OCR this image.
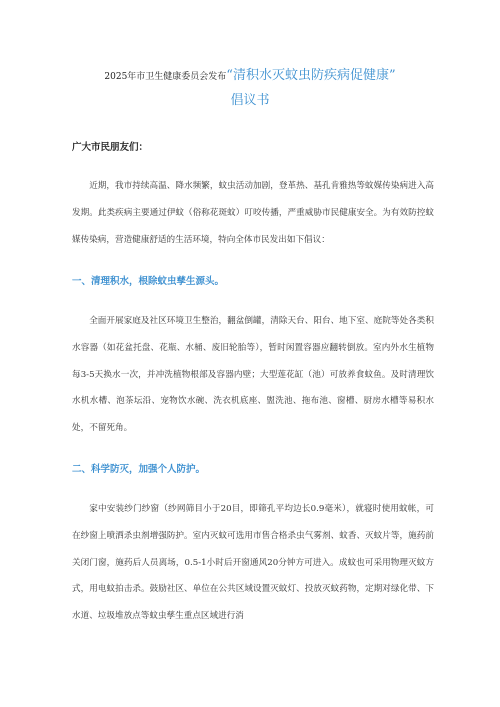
2025年市卫生健康委员会发布“清积水灭蚊虫防疾病促健康”
倡议书
广大市民朋友们：

近期，我市持续高温、降水频繁，蚊虫活动加剧，登革热、基孔肯雅热等蚊媒传染病进入高发期。此类疾病主要通过伊蚊（俗称花斑蚊）叮咬传播，严重威胁市民健康安全。为有效防控蚊媒传染病，营造健康舒适的生活环境，特向全体市民发出如下倡议：

一、清理积水，根除蚊虫孳生源头。

全面开展家庭及社区环境卫生整治，翻盆倒罐，清除天台、阳台、地下室、庭院等处各类积水容器（如花盆托盘、花瓶、水桶、废旧轮胎等），暂时闲置容器应翻转倒放。室内外水生植物每3-5天换水一次，并冲洗植物根部及容器内壁；大型莲花缸（池）可放养食蚊鱼。及时清理饮水机水槽、泡茶坛沿、宠物饮水碗、洗衣机底座、盥洗池、拖布池、窗槽、厨房水槽等易积水处，不留死角。

二、科学防灭，加强个人防护。

家中安装纱门纱窗（纱网筛目小于20目，即筛孔平均边长0.9毫米），就寝时使用蚊帐，可在纱窗上喷洒杀虫剂增强防护。室内灭蚊可选用市售合格杀虫气雾剂、蚊香、灭蚊片等，施药前关闭门窗，施药后人员离场，0.5-1小时后开窗通风20分钟方可进入。成蚊也可采用物理灭蚊方式，用电蚊拍击杀。鼓励社区、单位在公共区域设置灭蚊灯、投放灭蚊药物，定期对绿化带、下水道、垃圾堆放点等蚊虫孳生重点区域进行消
